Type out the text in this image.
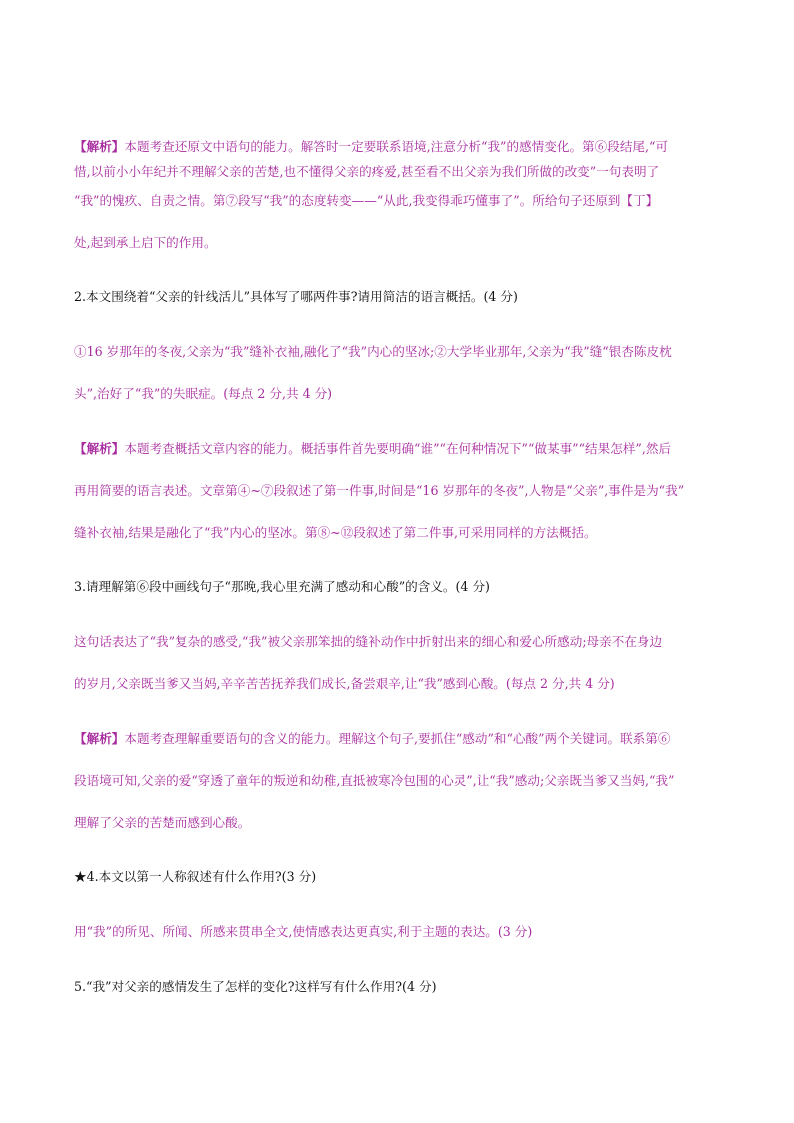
【解析】本题考查还原文中语句的能力。解答时一定要联系语境,注意分析“我”的感情变化。第⑥段结尾,“可

惜,以前小小年纪并不理解父亲的苦楚,也不懂得父亲的疼爱,甚至看不出父亲为我们所做的改变”一句表明了

“我”的愧疚、自责之情。第⑦段写“我”的态度转变——“从此,我变得乖巧懂事了”。所给句子还原到【丁】

处,起到承上启下的作用。

2.本文围绕着“父亲的针线活儿”具体写了哪两件事?请用简洁的语言概括。(4 分)

①16 岁那年的冬夜,父亲为“我”缝补衣袖,融化了“我”内心的坚冰;②大学毕业那年,父亲为“我”缝“银杏陈皮枕

头”,治好了“我”的失眠症。(每点 2 分,共 4 分)

【解析】本题考查概括文章内容的能力。概括事件首先要明确“谁”“在何种情况下”“做某事”“结果怎样”,然后

再用简要的语言表述。文章第④~⑦段叙述了第一件事,时间是“16 岁那年的冬夜”,人物是“父亲”,事件是为“我”

缝补衣袖,结果是融化了“我”内心的坚冰。第⑧~⑫段叙述了第二件事,可采用同样的方法概括。

3.请理解第⑥段中画线句子“那晚,我心里充满了感动和心酸”的含义。(4 分)

这句话表达了“我”复杂的感受,“我”被父亲那笨拙的缝补动作中折射出来的细心和爱心所感动;母亲不在身边

的岁月,父亲既当爹又当妈,辛辛苦苦抚养我们成长,备尝艰辛,让“我”感到心酸。(每点 2 分,共 4 分)

【解析】本题考查理解重要语句的含义的能力。理解这个句子,要抓住“感动”和“心酸”两个关键词。联系第⑥

段语境可知,父亲的爱“穿透了童年的叛逆和幼稚,直抵被寒冷包围的心灵”,让“我”感动;父亲既当爹又当妈,“我”

理解了父亲的苦楚而感到心酸。

★4.本文以第一人称叙述有什么作用?(3 分)

用“我”的所见、所闻、所感来贯串全文,使情感表达更真实,利于主题的表达。(3 分)

5.“我”对父亲的感情发生了怎样的变化?这样写有什么作用?(4 分)
